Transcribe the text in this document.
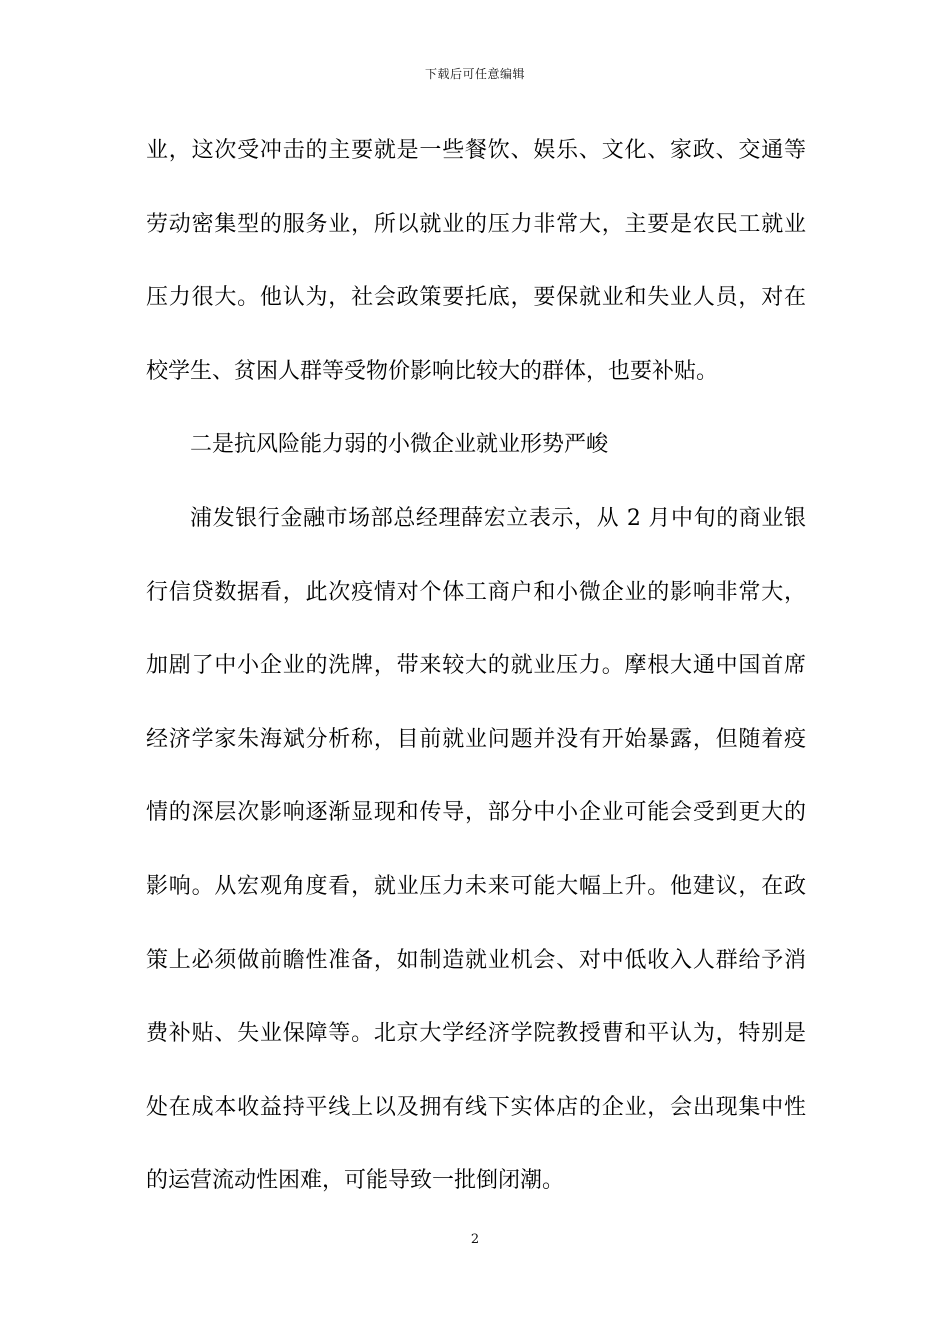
下载后可任意编辑
业，这次受冲击的主要就是一些餐饮、娱乐、文化、家政、交通等
劳动密集型的服务业，所以就业的压力非常大，主要是农民工就业
压力很大。他认为，社会政策要托底，要保就业和失业人员，对在
校学生、贫困人群等受物价影响比较大的群体，也要补贴。
二是抗风险能力弱的小微企业就业形势严峻
浦发银行金融市场部总经理薛宏立表示，从 2 月中旬的商业银
行信贷数据看，此次疫情对个体工商户和小微企业的影响非常大，
加剧了中小企业的洗牌，带来较大的就业压力。摩根大通中国首席
经济学家朱海斌分析称，目前就业问题并没有开始暴露，但随着疫
情的深层次影响逐渐显现和传导，部分中小企业可能会受到更大的
影响。从宏观角度看，就业压力未来可能大幅上升。他建议，在政
策上必须做前瞻性准备，如制造就业机会、对中低收入人群给予消
费补贴、失业保障等。北京大学经济学院教授曹和平认为，特别是
处在成本收益持平线上以及拥有线下实体店的企业，会出现集中性
的运营流动性困难，可能导致一批倒闭潮。
2
